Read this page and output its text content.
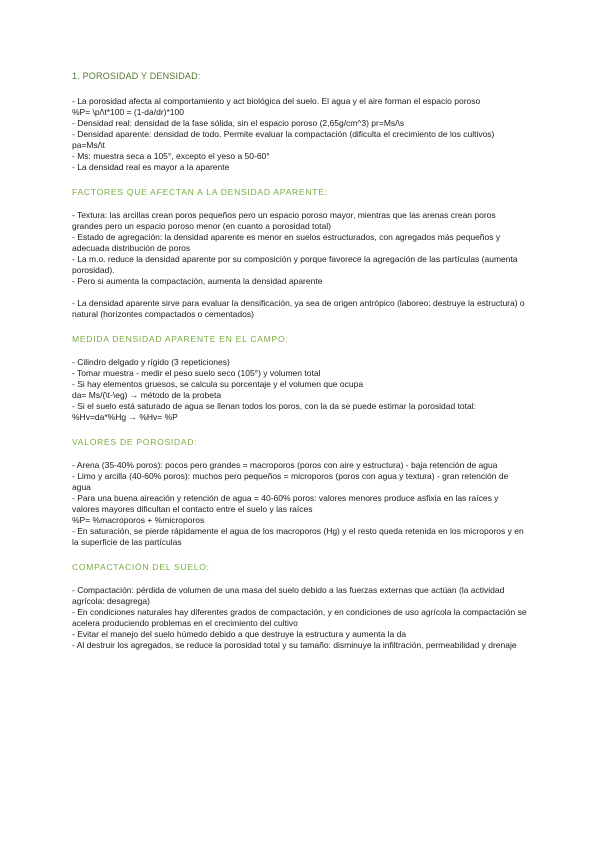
1. POROSIDAD Y DENSIDAD:

- La porosidad afecta al comportamiento y act biológica del suelo. El agua y el aire forman el espacio poroso

%P= \p/\t*100 = (1-da/dr)*100

- Densidad real: densidad de la fase sólida, sin el espacio poroso (2,65g/cm^3) pr=Ms/\s

- Densidad aparente: densidad de todo. Permite evaluar la compactación (dificulta el crecimiento de los cultivos) pa=Ms/\t

- Ms: muestra seca a 105°, excepto el yeso a 50-60°

- La densidad real es mayor a la aparente

FACTORES QUE AFECTAN A LA DENSIDAD APARENTE:

- Textura: las arcillas crean poros pequeños pero un espacio poroso mayor, mientras que las arenas crean poros grandes pero un espacio poroso menor (en cuanto a porosidad total)

- Estado de agregación: la densidad aparente es menor en suelos estructurados, con agregados más pequeños y adecuada distribución de poros

- La m.o. reduce la densidad aparente por su composición y porque favorece la agregación de las partículas (aumenta porosidad).

- Pero si aumenta la compactación, aumenta la densidad aparente

- La densidad aparente sirve para evaluar la densificación, ya sea de origen antrópico (laboreo: destruye la estructura) o natural (horizontes compactados o cementados)

MEDIDA DENSIDAD APARENTE EN EL CAMPO:

- Cilindro delgado y rígido (3 repeticiones)

- Tomar muestra - medir el peso suelo seco (105°) y volumen total

- Si hay elementos gruesos, se calcula su porcentaje y el volumen que ocupa

da= Ms/(\t-\eg) → método de la probeta

- Si el suelo está saturado de agua se llenan todos los poros, con la da se puede estimar la porosidad total: %Hv=da*%Hg → %Hv= %P

VALORES DE POROSIDAD:

- Arena (35-40% poros): pocos pero grandes = macroporos (poros con aire y estructura) - baja retención de agua

- Limo y arcilla (40-60% poros): muchos pero pequeños = microporos (poros con agua y textura) - gran retención de agua

- Para una buena aireación y retención de agua = 40-60% poros: valores menores produce asfixia en las raíces y valores mayores dificultan el contacto entre el suelo y las raíces

%P= %macroporos + %microporos

- En saturación, se pierde rápidamente el agua de los macroporos (Hg) y el resto queda retenida en los microporos y en la superficie de las partículas

COMPACTACIÓN DEL SUELO:

- Compactación: pérdida de volumen de una masa del suelo debido a las fuerzas externas que actúan (la actividad agrícola: desagrega)

- En condiciones naturales hay diferentes grados de compactación, y en condiciones de uso agrícola la compactación se acelera produciendo problemas en el crecimiento del cultivo

- Evitar el manejo del suelo húmedo debido a que destruye la estructura y aumenta la da

- Al destruir los agregados, se reduce la porosidad total y su tamaño: disminuye la infiltración, permeabilidad y drenaje
